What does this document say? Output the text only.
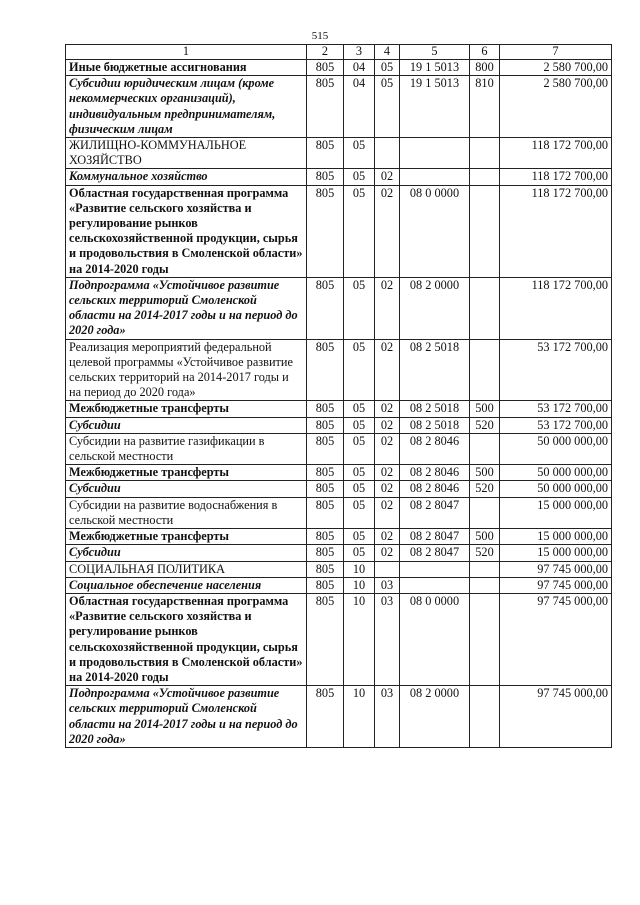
515
1	2	3	4	5	6	7
Иные бюджетные ассигнования	805	04	05	19 1 5013	800	2 580 700,00
Субсидии юридическим лицам (кроме некоммерческих организаций), индивидуальным предпринимателям, физическим лицам	805	04	05	19 1 5013	810	2 580 700,00
ЖИЛИЩНО-КОММУНАЛЬНОЕ ХОЗЯЙСТВО	805	05				118 172 700,00
Коммунальное хозяйство	805	05	02			118 172 700,00
Областная государственная программа «Развитие сельского хозяйства и регулирование рынков сельскохозяйственной продукции, сырья и продовольствия в Смоленской области» на 2014-2020 годы	805	05	02	08 0 0000		118 172 700,00
Подпрограмма «Устойчивое развитие сельских территорий Смоленской области на 2014-2017 годы и на период до 2020 года»	805	05	02	08 2 0000		118 172 700,00
Реализация мероприятий федеральной целевой программы «Устойчивое развитие сельских территорий на 2014-2017 годы и на период до 2020 года»	805	05	02	08 2 5018		53 172 700,00
Межбюджетные трансферты	805	05	02	08 2 5018	500	53 172 700,00
Субсидии	805	05	02	08 2 5018	520	53 172 700,00
Субсидии на развитие газификации в сельской местности	805	05	02	08 2 8046		50 000 000,00
Межбюджетные трансферты	805	05	02	08 2 8046	500	50 000 000,00
Субсидии	805	05	02	08 2 8046	520	50 000 000,00
Субсидии на развитие водоснабжения в сельской местности	805	05	02	08 2 8047		15 000 000,00
Межбюджетные трансферты	805	05	02	08 2 8047	500	15 000 000,00
Субсидии	805	05	02	08 2 8047	520	15 000 000,00
СОЦИАЛЬНАЯ ПОЛИТИКА	805	10				97 745 000,00
Социальное обеспечение населения	805	10	03			97 745 000,00
Областная государственная программа «Развитие сельского хозяйства и регулирование рынков сельскохозяйственной продукции, сырья и продовольствия в Смоленской области» на 2014-2020 годы	805	10	03	08 0 0000		97 745 000,00
Подпрограмма «Устойчивое развитие сельских территорий Смоленской области на 2014-2017 годы и на период до 2020 года»	805	10	03	08 2 0000		97 745 000,00
